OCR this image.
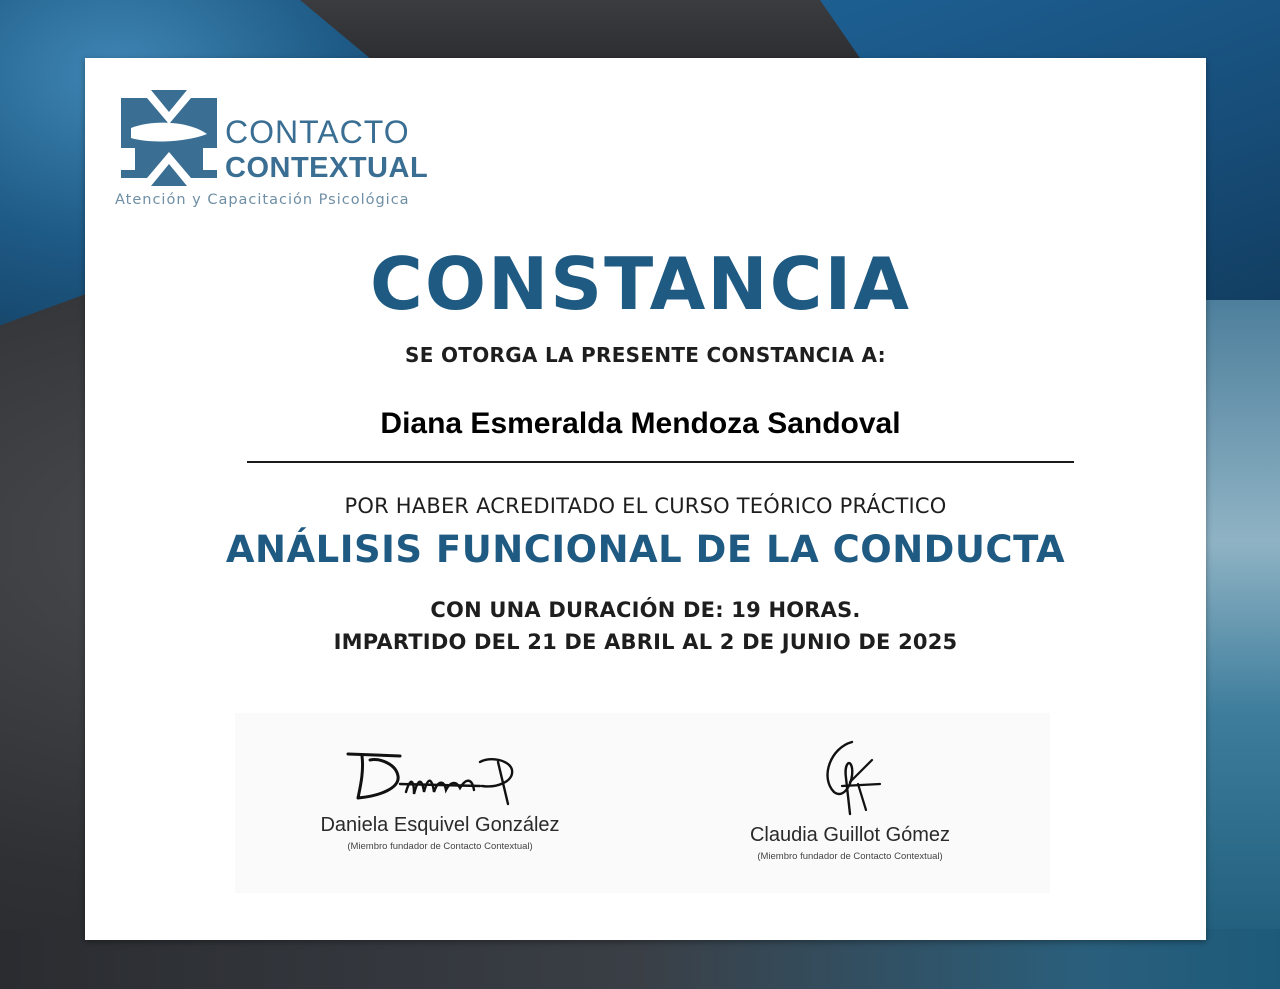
CONTACTO
CONTEXTUAL
Atención y Capacitación Psicológica
CONSTANCIA
SE OTORGA LA PRESENTE CONSTANCIA A:
Diana Esmeralda Mendoza Sandoval
POR HABER ACREDITADO EL CURSO TEÓRICO PRÁCTICO
ANÁLISIS FUNCIONAL DE LA CONDUCTA
CON UNA DURACIÓN DE: 19 HORAS.
IMPARTIDO DEL 21 DE ABRIL AL 2 DE JUNIO DE 2025
Daniela Esquivel González
(Miembro fundador de Contacto Contextual)
Claudia Guillot Gómez
(Miembro fundador de Contacto Contextual)
